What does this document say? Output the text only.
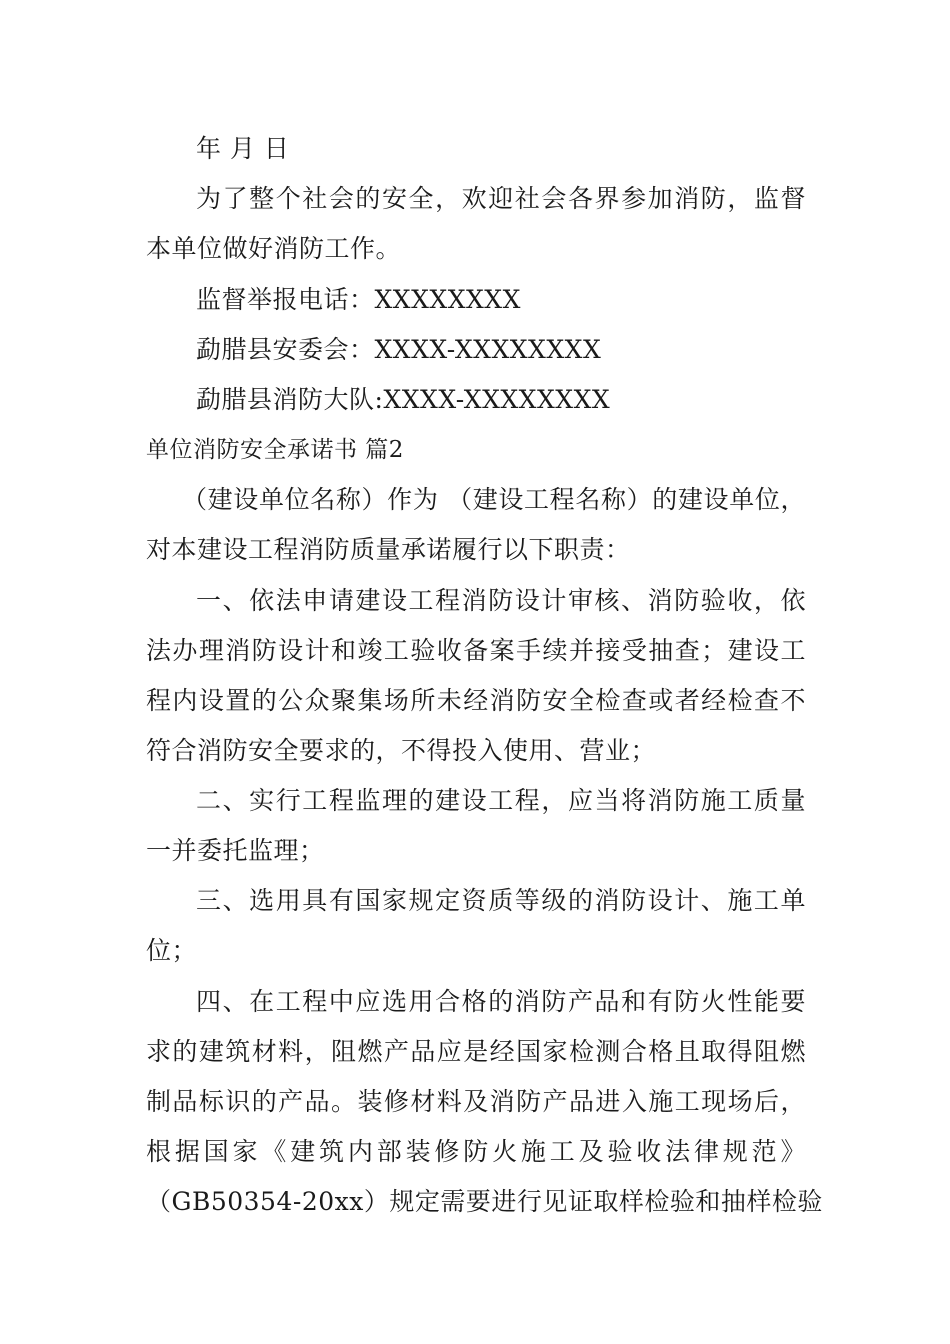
年 月 日
为了整个社会的安全，欢迎社会各界参加消防，监督
本单位做好消防工作。
监督举报电话：XXXXXXXX
勐腊县安委会：XXXX-XXXXXXXX
勐腊县消防大队:XXXX-XXXXXXXX
单位消防安全承诺书 篇2
（建设单位名称）作为 （建设工程名称）的建设单位，
对本建设工程消防质量承诺履行以下职责：
一、依法申请建设工程消防设计审核、消防验收，依
法办理消防设计和竣工验收备案手续并接受抽查；建设工
程内设置的公众聚集场所未经消防安全检查或者经检查不
符合消防安全要求的，不得投入使用、营业；
二、实行工程监理的建设工程，应当将消防施工质量
一并委托监理；
三、选用具有国家规定资质等级的消防设计、施工单
位；
四、在工程中应选用合格的消防产品和有防火性能要
求的建筑材料，阻燃产品应是经国家检测合格且取得阻燃
制品标识的产品。装修材料及消防产品进入施工现场后，
根据国家《建筑内部装修防火施工及验收法律规范》
（GB50354-20xx）规定需要进行见证取样检验和抽样检验
